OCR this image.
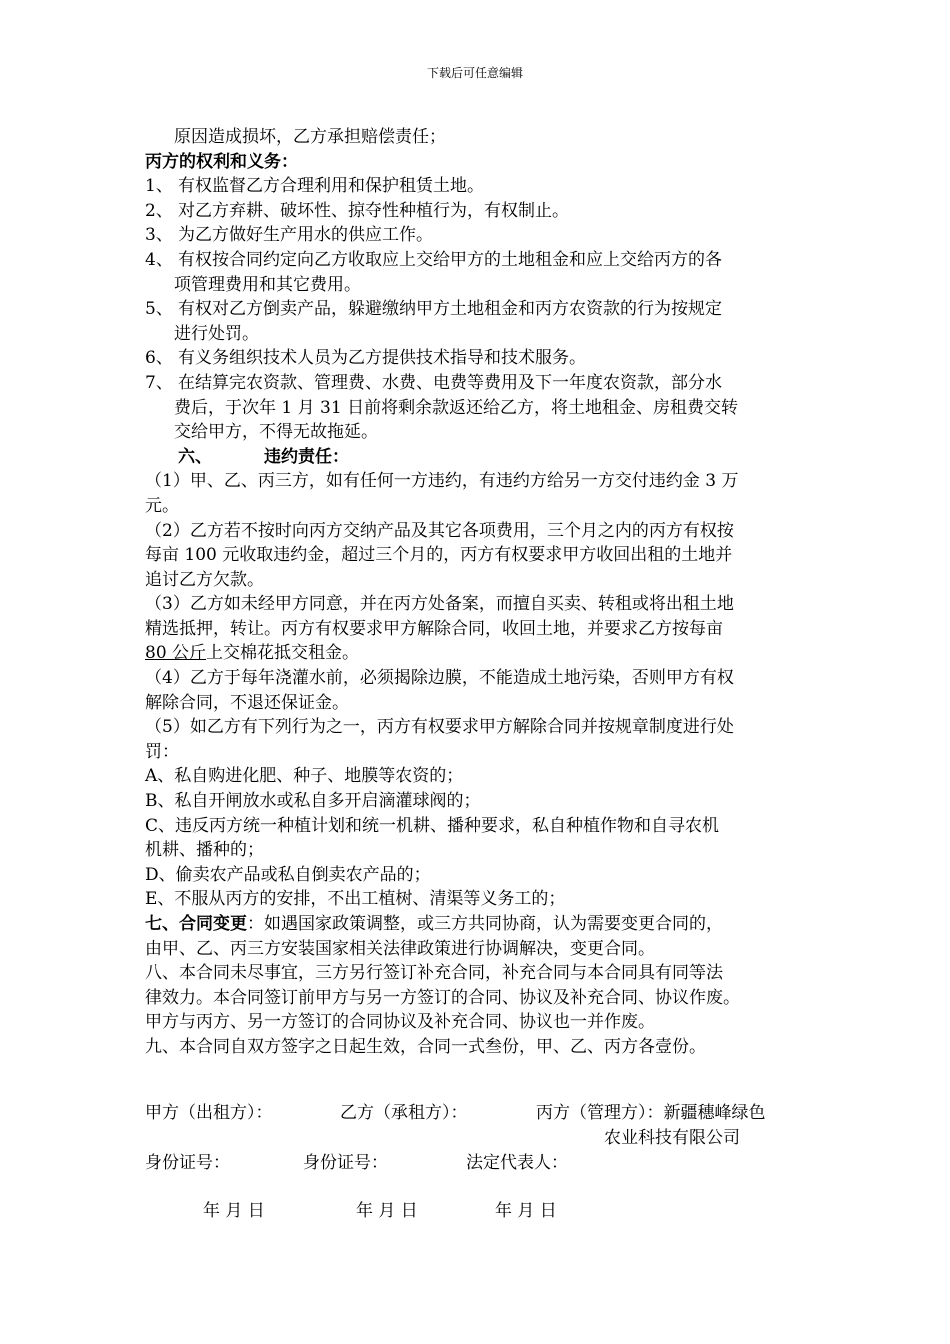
下载后可任意编辑

原因造成损坏，乙方承担赔偿责任；

丙方的权利和义务：

1、 有权监督乙方合理利用和保护租赁土地。

2、 对乙方弃耕、破坏性、掠夺性种植行为，有权制止。

3、 为乙方做好生产用水的供应工作。

4、 有权按合同约定向乙方收取应上交给甲方的土地租金和应上交给丙方的各

项管理费用和其它费用。

5、 有权对乙方倒卖产品，躲避缴纳甲方土地租金和丙方农资款的行为按规定

进行处罚。

6、 有义务组织技术人员为乙方提供技术指导和技术服务。

7、 在结算完农资款、管理费、水费、电费等费用及下一年度农资款，部分水

费后，于次年 1 月 31 日前将剩余款返还给乙方，将土地租金、房租费交转

交给甲方，不得无故拖延。

六、	违约责任：

（1）甲、乙、丙三方，如有任何一方违约，有违约方给另一方交付违约金 3 万

元。

（2）乙方若不按时向丙方交纳产品及其它各项费用，三个月之内的丙方有权按

每亩 100 元收取违约金，超过三个月的，丙方有权要求甲方收回出租的土地并

追讨乙方欠款。

（3）乙方如未经甲方同意，并在丙方处备案，而擅自买卖、转租或将出租土地

精选抵押，转让。丙方有权要求甲方解除合同，收回土地，并要求乙方按每亩

80 公斤上交棉花抵交租金。

（4）乙方于每年浇灌水前，必须揭除边膜，不能造成土地污染，否则甲方有权

解除合同，不退还保证金。

（5）如乙方有下列行为之一，丙方有权要求甲方解除合同并按规章制度进行处

罚：

A、私自购进化肥、种子、地膜等农资的；

B、私自开闸放水或私自多开启滴灌球阀的；

C、违反丙方统一种植计划和统一机耕、播种要求，私自种植作物和自寻农机

机耕、播种的；

D、偷卖农产品或私自倒卖农产品的；

E、不服从丙方的安排，不出工植树、清渠等义务工的；

七、合同变更：如遇国家政策调整，或三方共同协商，认为需要变更合同的，

由甲、乙、丙三方安装国家相关法律政策进行协调解决，变更合同。

八、本合同未尽事宜，三方另行签订补充合同，补充合同与本合同具有同等法

律效力。本合同签订前甲方与另一方签订的合同、协议及补充合同、协议作废。

甲方与丙方、另一方签订的合同协议及补充合同、协议也一并作废。

九、本合同自双方签字之日起生效，合同一式叁份，甲、乙、丙方各壹份。

甲方（出租方）：	乙方（承租方）：	丙方（管理方）：新疆穗峰绿色
农业科技有限公司
身份证号：	身份证号：	法定代表人：
年 月 日	年 月 日	年 月 日
